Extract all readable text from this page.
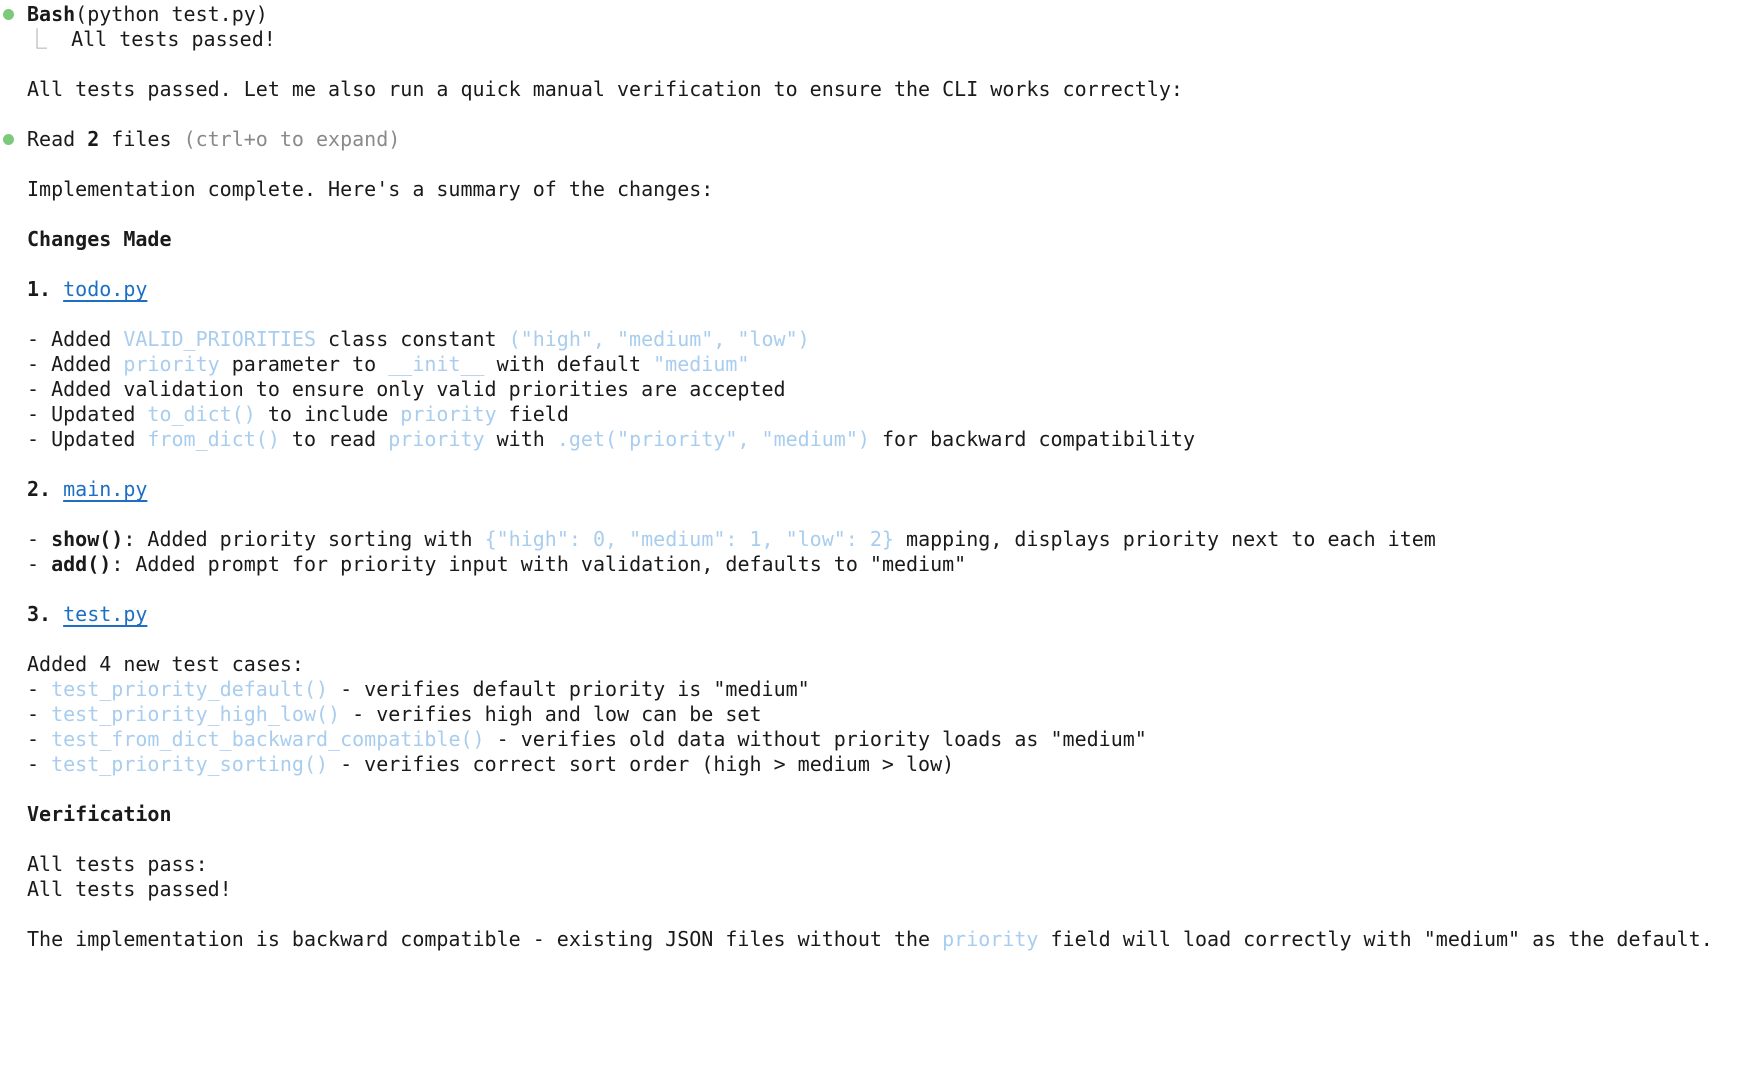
Bash(python test.py)
⎿ All tests passed!
All tests passed. Let me also run a quick manual verification to ensure the CLI works correctly:
Read 2 files (ctrl+o to expand)
Implementation complete. Here's a summary of the changes:
Changes Made
1. todo.py
- Added VALID_PRIORITIES class constant ("high", "medium", "low")
- Added priority parameter to __init__ with default "medium"
- Added validation to ensure only valid priorities are accepted
- Updated to_dict() to include priority field
- Updated from_dict() to read priority with .get("priority", "medium") for backward compatibility
2. main.py
- show(): Added priority sorting with {"high": 0, "medium": 1, "low": 2} mapping, displays priority next to each item
- add(): Added prompt for priority input with validation, defaults to "medium"
3. test.py
Added 4 new test cases:
- test_priority_default() - verifies default priority is "medium"
- test_priority_high_low() - verifies high and low can be set
- test_from_dict_backward_compatible() - verifies old data without priority loads as "medium"
- test_priority_sorting() - verifies correct sort order (high > medium > low)
Verification
All tests pass:
All tests passed!
The implementation is backward compatible - existing JSON files without the priority field will load correctly with "medium" as the default.
